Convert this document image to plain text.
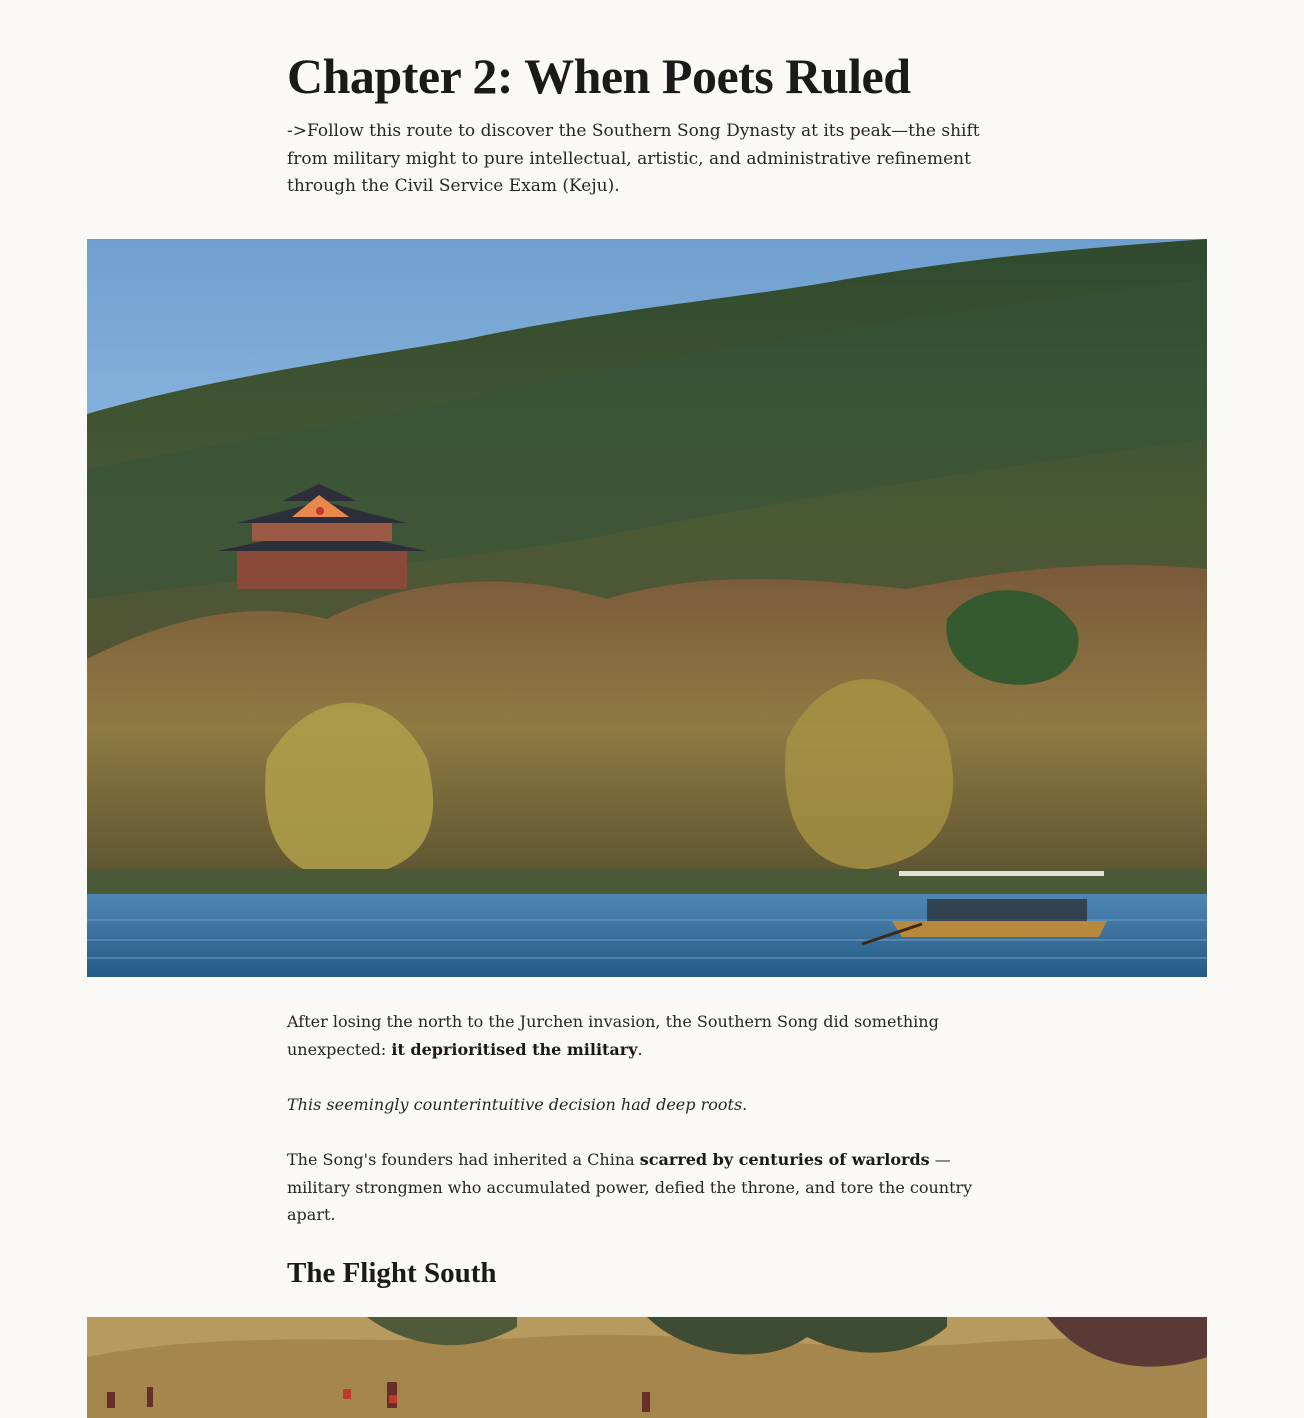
Chapter 2: When Poets Ruled

->Follow this route to discover the Southern Song Dynasty at its peak—the shift from military might to pure intellectual, artistic, and administrative refinement through the Civil Service Exam (Keju).

After losing the north to the Jurchen invasion, the Southern Song did something unexpected: it deprioritised the military.

This seemingly counterintuitive decision had deep roots.

The Song's founders had inherited a China scarred by centuries of warlords — military strongmen who accumulated power, defied the throne, and tore the country apart.

The Flight South
